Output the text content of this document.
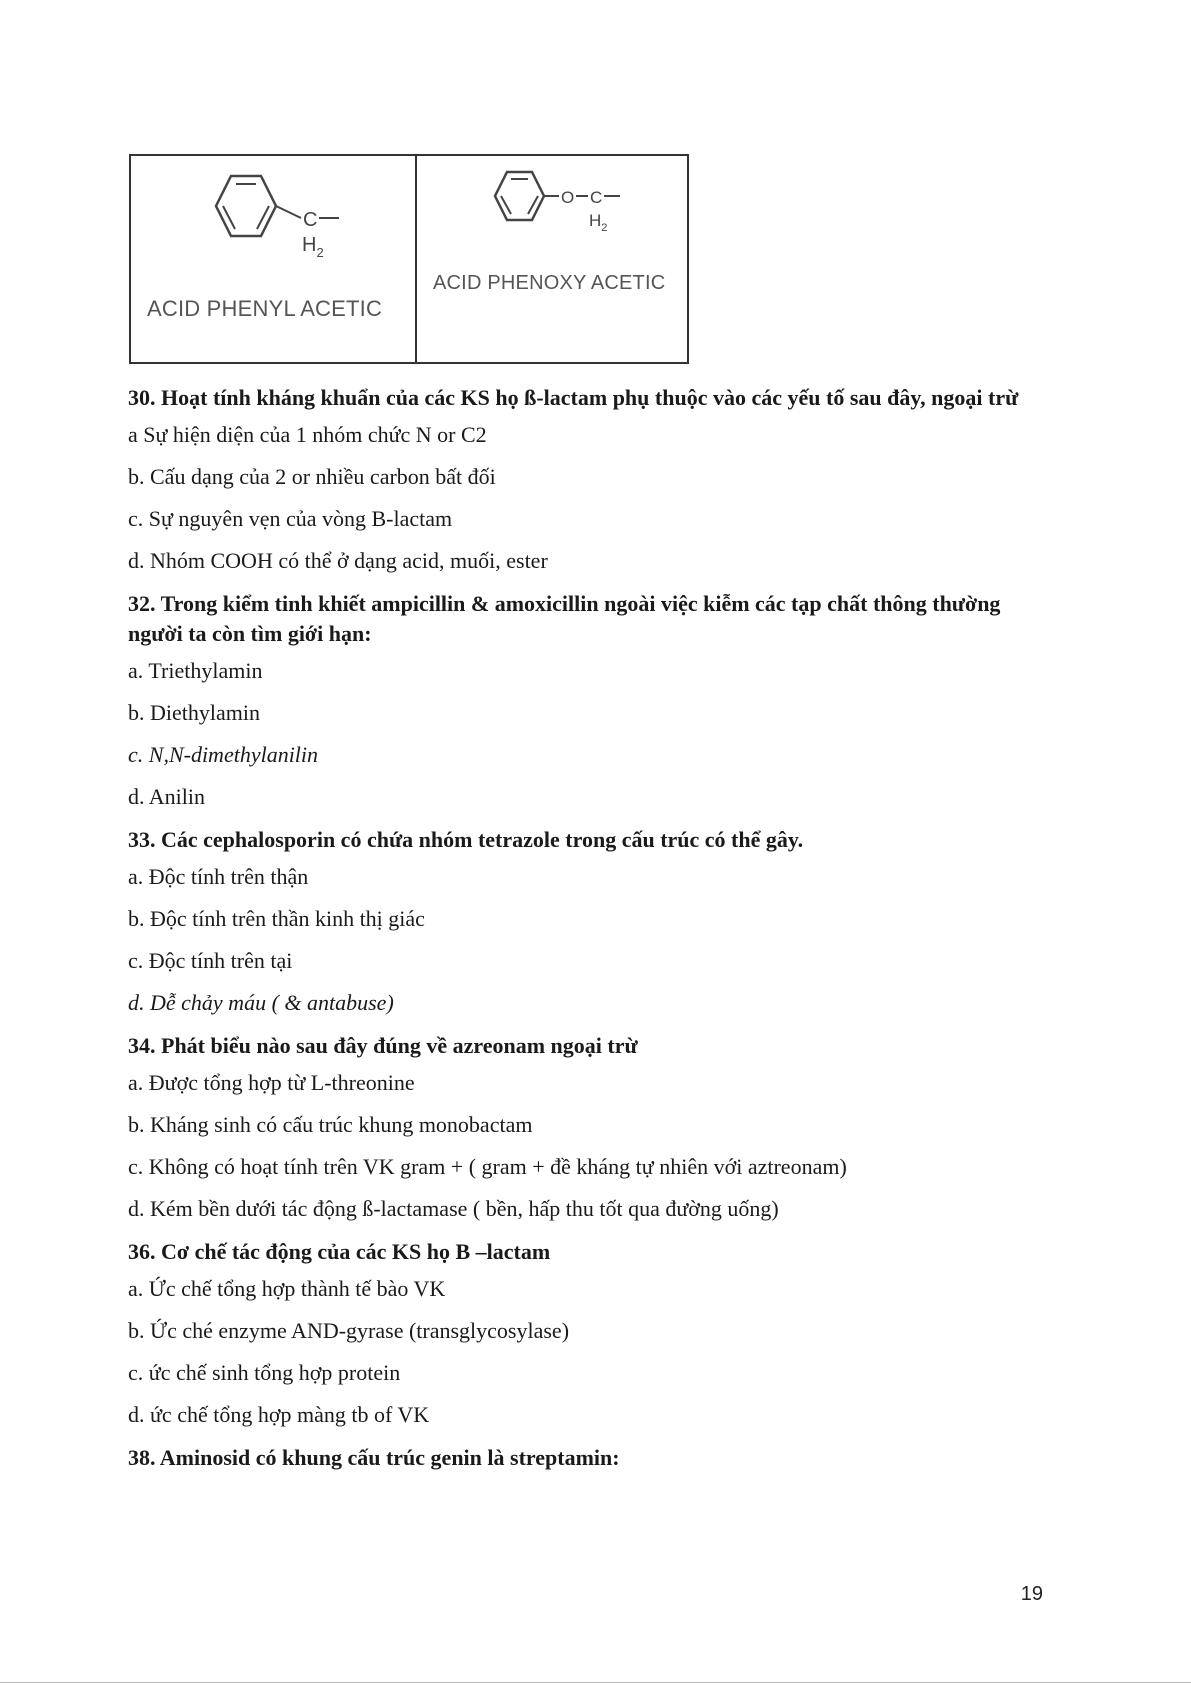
C
$H_2$
ACID PHENYL ACETIC
O C
$H_2$
ACID PHENOXY ACETIC
30. Hoạt tính kháng khuẩn của các KS họ ß-lactam phụ thuộc vào các yếu tố sau đây, ngoại trừ
a Sự hiện diện của 1 nhóm chức N or C2
b. Cấu dạng của 2 or nhiều carbon bất đối
c. Sự nguyên vẹn của vòng B-lactam
d. Nhóm COOH có thể ở dạng acid, muối, ester
32. Trong kiểm tinh khiết ampicillin & amoxicillin ngoài việc kiễm các tạp chất thông thường người ta còn tìm giới hạn:
a. Triethylamin
b. Diethylamin
c. N,N-dimethylanilin
d. Anilin
33. Các cephalosporin có chứa nhóm tetrazole trong cấu trúc có thể gây.
a. Độc tính trên thận
b. Độc tính trên thần kinh thị giác
c. Độc tính trên tại
d. Dễ chảy máu ( & antabuse)
34. Phát biểu nào sau đây đúng về azreonam ngoại trừ
a. Được tổng hợp từ L-threonine
b. Kháng sinh có cấu trúc khung monobactam
c. Không có hoạt tính trên VK gram + ( gram + đề kháng tự nhiên với aztreonam)
d. Kém bền dưới tác động ß-lactamase ( bền, hấp thu tốt qua đường uống)
36. Cơ chế tác động của các KS họ B –lactam
a. Ức chế tổng hợp thành tế bào VK
b. Ức ché enzyme AND-gyrase (transglycosylase)
c. ức chế sinh tổng hợp protein
d. ức chế tổng hợp màng tb of VK
38. Aminosid có khung cấu trúc genin là streptamin:
19
